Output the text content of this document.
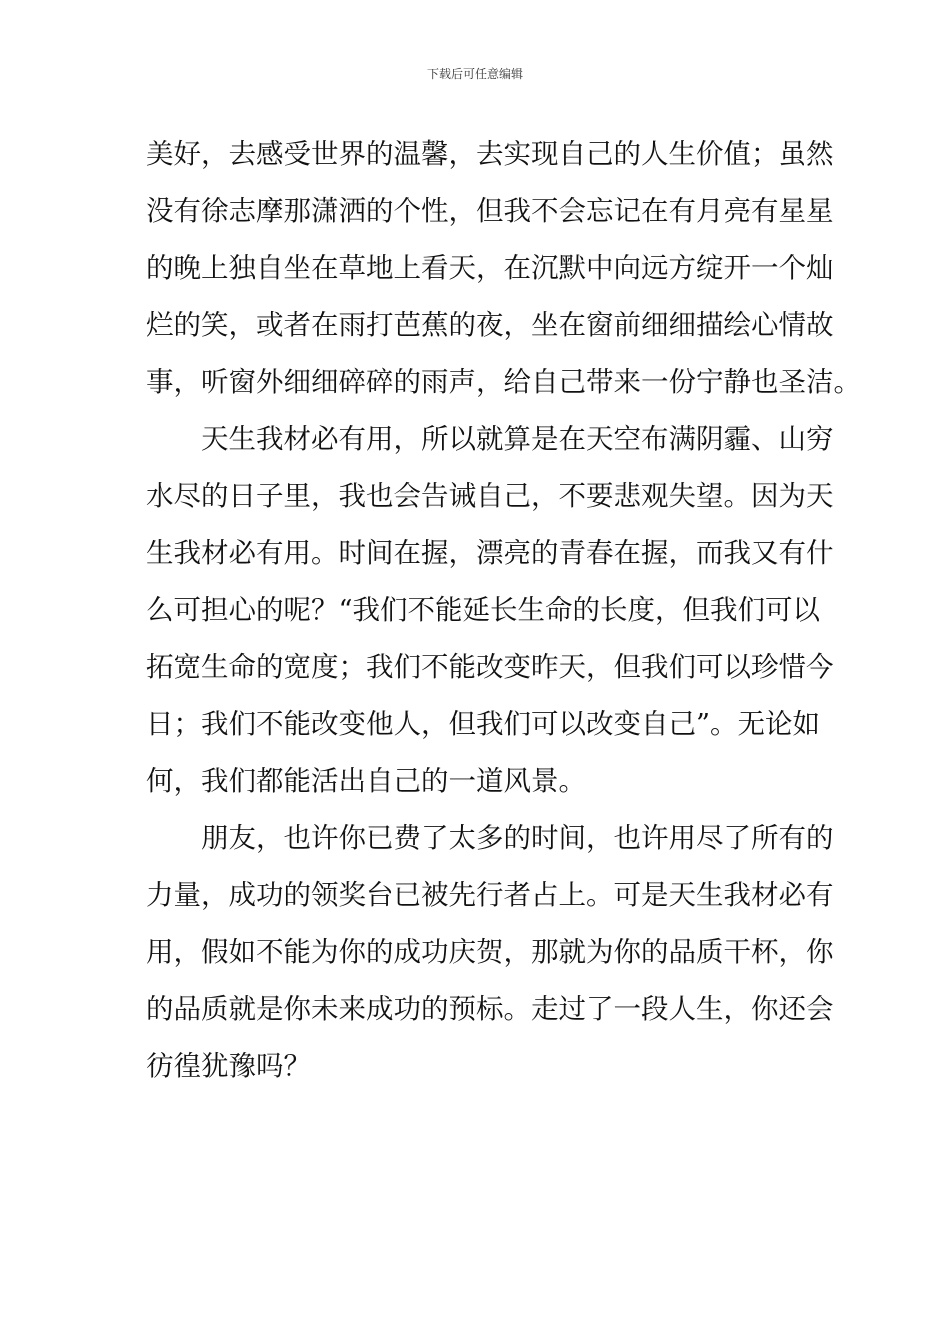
下载后可任意编辑
美好，去感受世界的温馨，去实现自己的人生价值；虽然
没有徐志摩那潇洒的个性，但我不会忘记在有月亮有星星
的晚上独自坐在草地上看天，在沉默中向远方绽开一个灿
烂的笑，或者在雨打芭蕉的夜，坐在窗前细细描绘心情故
事，听窗外细细碎碎的雨声，给自己带来一份宁静也圣洁。
天生我材必有用，所以就算是在天空布满阴霾、山穷
水尽的日子里，我也会告诫自己，不要悲观失望。因为天
生我材必有用。时间在握，漂亮的青春在握，而我又有什
么可担心的呢？“我们不能延长生命的长度，但我们可以
拓宽生命的宽度；我们不能改变昨天，但我们可以珍惜今
日；我们不能改变他人，但我们可以改变自己”。无论如
何，我们都能活出自己的一道风景。
朋友，也许你已费了太多的时间，也许用尽了所有的
力量，成功的领奖台已被先行者占上。可是天生我材必有
用，假如不能为你的成功庆贺，那就为你的品质干杯，你
的品质就是你未来成功的预标。走过了一段人生，你还会
彷徨犹豫吗？
